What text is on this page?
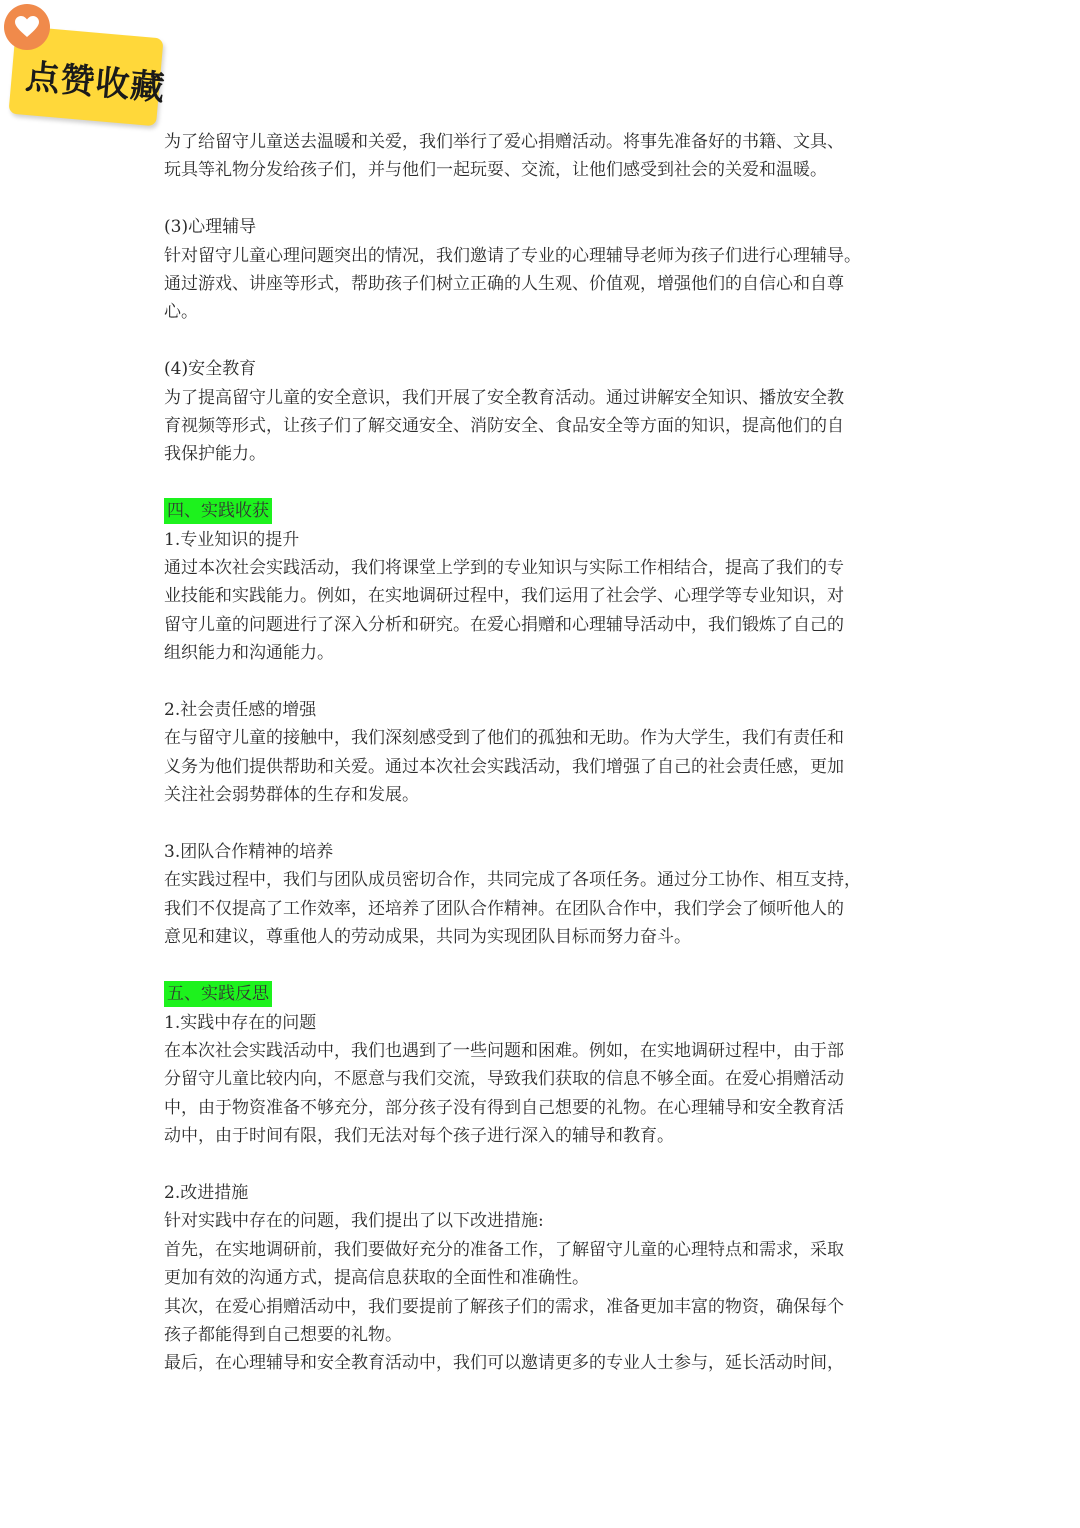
点赞收藏

为了给留守儿童送去温暖和关爱，我们举行了爱心捐赠活动。将事先准备好的书籍、文具、

玩具等礼物分发给孩子们，并与他们一起玩耍、交流，让他们感受到社会的关爱和温暖。

(3)心理辅导

针对留守儿童心理问题突出的情况，我们邀请了专业的心理辅导老师为孩子们进行心理辅导。

通过游戏、讲座等形式，帮助孩子们树立正确的人生观、价值观，增强他们的自信心和自尊

心。

(4)安全教育

为了提高留守儿童的安全意识，我们开展了安全教育活动。通过讲解安全知识、播放安全教

育视频等形式，让孩子们了解交通安全、消防安全、食品安全等方面的知识，提高他们的自

我保护能力。

四、实践收获

1.专业知识的提升

通过本次社会实践活动，我们将课堂上学到的专业知识与实际工作相结合，提高了我们的专

业技能和实践能力。例如，在实地调研过程中，我们运用了社会学、心理学等专业知识，对

留守儿童的问题进行了深入分析和研究。在爱心捐赠和心理辅导活动中，我们锻炼了自己的

组织能力和沟通能力。

2.社会责任感的增强

在与留守儿童的接触中，我们深刻感受到了他们的孤独和无助。作为大学生，我们有责任和

义务为他们提供帮助和关爱。通过本次社会实践活动，我们增强了自己的社会责任感，更加

关注社会弱势群体的生存和发展。

3.团队合作精神的培养

在实践过程中，我们与团队成员密切合作，共同完成了各项任务。通过分工协作、相互支持，

我们不仅提高了工作效率，还培养了团队合作精神。在团队合作中，我们学会了倾听他人的

意见和建议，尊重他人的劳动成果，共同为实现团队目标而努力奋斗。

五、实践反思

1.实践中存在的问题

在本次社会实践活动中，我们也遇到了一些问题和困难。例如，在实地调研过程中，由于部

分留守儿童比较内向，不愿意与我们交流，导致我们获取的信息不够全面。在爱心捐赠活动

中，由于物资准备不够充分，部分孩子没有得到自己想要的礼物。在心理辅导和安全教育活

动中，由于时间有限，我们无法对每个孩子进行深入的辅导和教育。

2.改进措施

针对实践中存在的问题，我们提出了以下改进措施:

首先，在实地调研前，我们要做好充分的准备工作，了解留守儿童的心理特点和需求，采取

更加有效的沟通方式，提高信息获取的全面性和准确性。

其次，在爱心捐赠活动中，我们要提前了解孩子们的需求，准备更加丰富的物资，确保每个

孩子都能得到自己想要的礼物。

最后，在心理辅导和安全教育活动中，我们可以邀请更多的专业人士参与，延长活动时间，
